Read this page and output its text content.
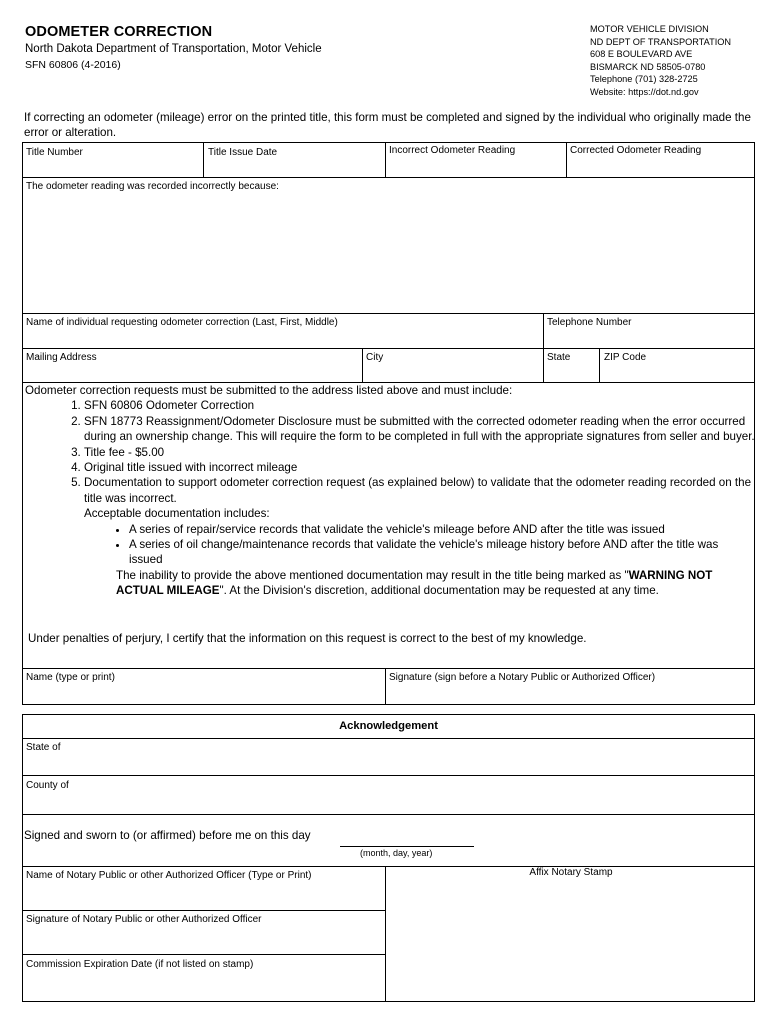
ODOMETER CORRECTION
North Dakota Department of Transportation, Motor Vehicle
SFN 60806 (4-2016)
MOTOR VEHICLE DIVISION
ND DEPT OF TRANSPORTATION
608 E BOULEVARD AVE
BISMARCK ND 58505-0780
Telephone (701) 328-2725
Website: https://dot.nd.gov
If correcting an odometer (mileage) error on the printed title, this form must be completed and signed by the individual who originally made the error or alteration.
Title Number	Title Issue Date	Incorrect Odometer Reading	Corrected Odometer Reading
The odometer reading was recorded incorrectly because:
Name of individual requesting odometer correction (Last, First, Middle)	Telephone Number
Mailing Address	City	State	ZIP Code

Odometer correction requests must be submitted to the address listed above and must include:

1. SFN 60806 Odometer Correction
2. SFN 18773 Reassignment/Odometer Disclosure must be submitted with the corrected odometer reading when the error occurred during an ownership change. This will require the form to be completed in full with the appropriate signatures from seller and buyer.
3. Title fee - $5.00
4. Original title issued with incorrect mileage
5. Documentation to support odometer correction request (as explained below) to validate that the odometer reading recorded on the title was incorrect.
Acceptable documentation includes:
• A series of repair/service records that validate the vehicle's mileage before AND after the title was issued
• A series of oil change/maintenance records that validate the vehicle's mileage history before AND after the title was issued
The inability to provide the above mentioned documentation may result in the title being marked as "WARNING NOT ACTUAL MILEAGE". At the Division's discretion, additional documentation may be requested at any time.
Under penalties of perjury, I certify that the information on this request is correct to the best of my knowledge.
Name (type or print)	Signature (sign before a Notary Public or Authorized Officer)
Acknowledgement
State of
County of
Signed and sworn to (or affirmed) before me on this day
(month, day, year)
Name of Notary Public or other Authorized Officer (Type or Print)
Signature of Notary Public or other Authorized Officer
Commission Expiration Date (if not listed on stamp)
Affix Notary Stamp
